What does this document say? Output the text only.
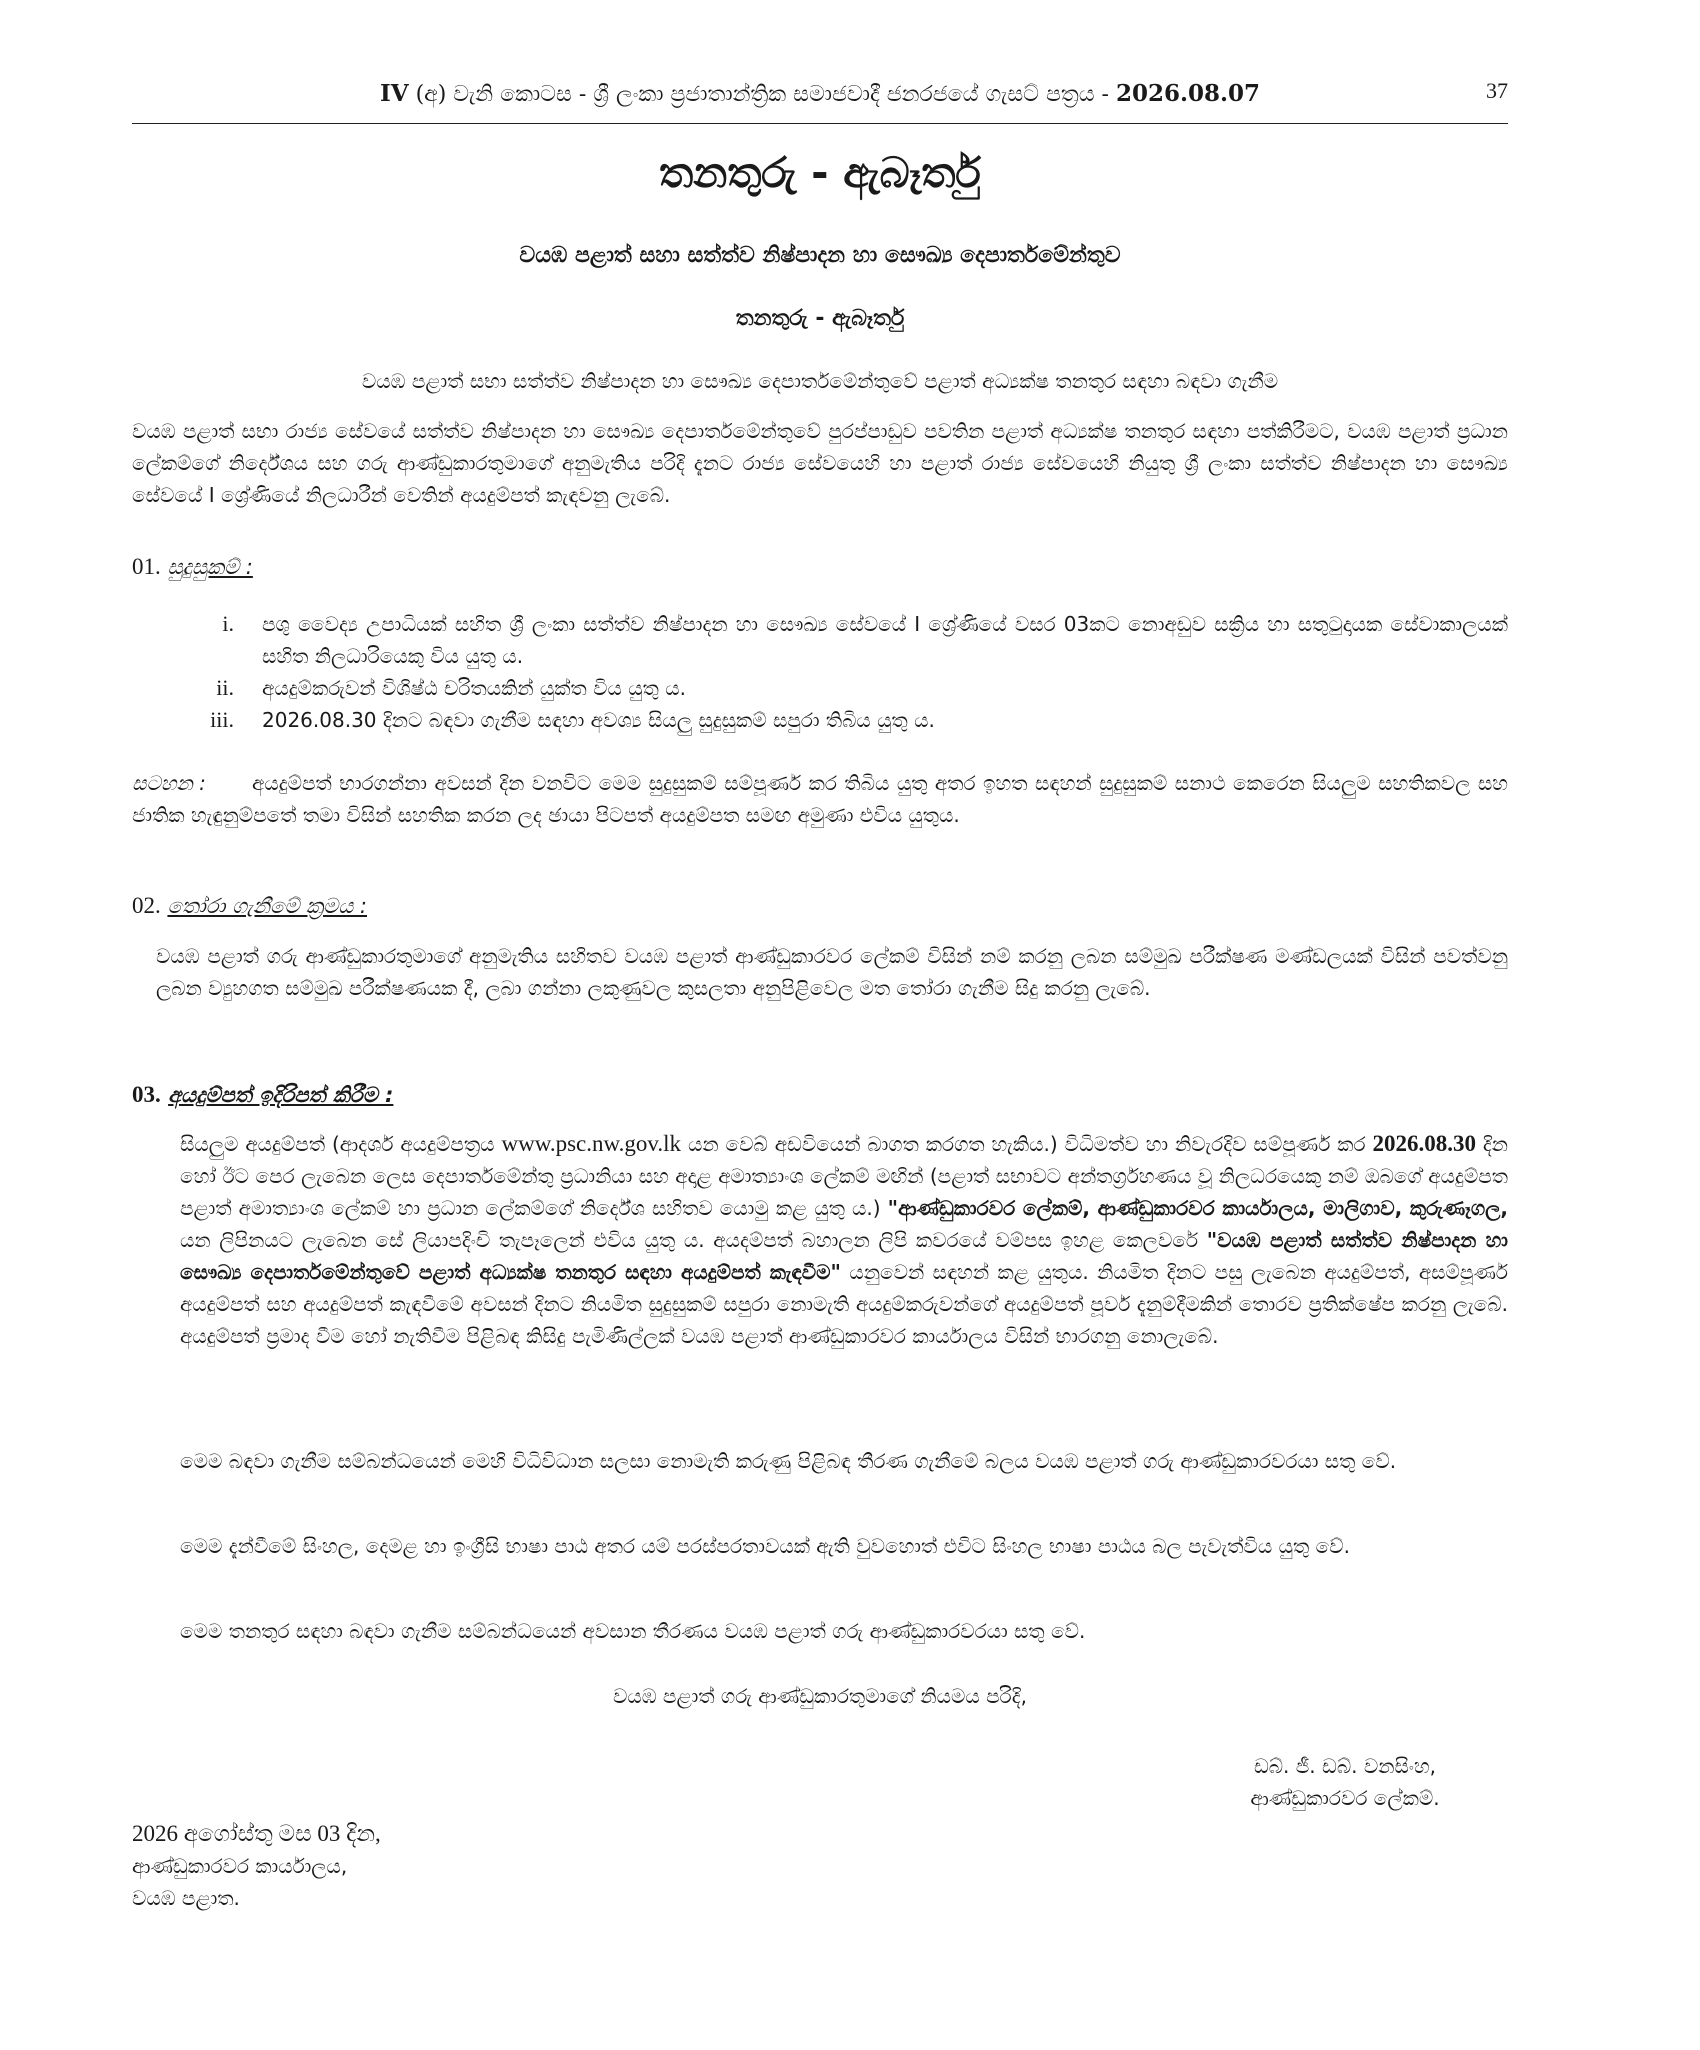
IV (අ) වැනි කොටස - ශ්‍රී ලංකා ප්‍රජාතාන්ත්‍රික සමාජවාදී ජනරජයේ ගැසට් පත්‍රය - 2026.08.07	37
තනතුරු - ඇබෑර්තු
වයඹ පළාත් සහා සත්ත්ව නිෂ්පාදන හා සෞඛ්‍ය දෙපාර්තමේන්තුව
තනතුරු - ඇබෑර්තු
වයඹ පළාත් සභා සත්ත්ව නිෂ්පාදන හා සෞඛ්‍ය දෙපාර්තමේන්තුවේ පළාත් අධ්‍යක්ෂ තනතුර සඳහා බඳවා ගැනීම
වයඹ පළාත් සභා රාජ්‍ය සේවයේ සත්ත්ව නිෂ්පාදන හා සෞඛ්‍ය දෙපාර්තමේන්තුවේ පුරප්පාඩුව පවතින පළාත් අධ්‍යක්ෂ තනතුර සඳහා පත්කිරීමට, වයඹ පළාත් ප්‍රධාන ලේකම්ගේ නිර්දේශය සහ ගරු ආණ්ඩුකාරතුමාගේ අනුමැතිය පරිදි දැනට රාජ්‍ය සේවයෙහි හා පළාත් රාජ්‍ය සේවයෙහි නියුතු ශ්‍රී ලංකා සත්ත්ව නිෂ්පාදන හා සෞඛ්‍ය සේවයේ I ශ්‍රේණියේ නිලධාරීන් වෙතින් අයදුම්පත් කැඳවනු ලැබේ.
01. සුදුසුකම් :
i. පශු වෛද්‍ය උපාධියක් සහිත ශ්‍රී ලංකා සත්ත්ව නිෂ්පාදන හා සෞඛ්‍ය සේවයේ I ශ්‍රේණියේ වසර 03කට නොඅඩුව සක්‍රිය හා සතුටුදායක සේවාකාලයක් සහිත නිලධාරියෙකු විය යුතු ය.
ii. අයදුම්කරුවන් විශිෂ්ඨ චරිතයකින් යුක්ත විය යුතු ය.
iii. 2026.08.30 දිනට බඳවා ගැනීම සඳහා අවශ්‍ය සියලු සුදුසුකම් සපුරා තිබිය යුතු ය.
සටහන :	අයදුම්පත් භාරගන්නා අවසන් දින වනවිට මෙම සුදුසුකම් සම්පූර්ණ කර තිබිය යුතු අතර ඉහත සඳහන් සුදුසුකම් සනාථ කෙරෙන සියලුම සහතිකවල සහ ජාතික හැඳුනුම්පතේ තමා විසින් සහතික කරන ලද ඡායා පිටපත් අයදුම්පත සමඟ අමුණා එවිය යුතුය.
02. තෝරා ගැනීමේ ක්‍රමය :
වයඹ පළාත් ගරු ආණ්ඩුකාරතුමාගේ අනුමැතිය සහිතව වයඹ පළාත් ආණ්ඩුකාරවර ලේකම් විසින් නම් කරනු ලබන සම්මුඛ පරීක්ෂණ මණ්ඩලයක් විසින් පවත්වනු ලබන ව්‍යුහගත සම්මුඛ පරීක්ෂණයක දී, ලබා ගන්නා ලකුණුවල කුසලතා අනුපිළිවෙල මත තෝරා ගැනීම සිදු කරනු ලැබේ.
03. අයදුම්පත් ඉදිරිපත් කිරීම :
සියලුම අයදුම්පත් (ආදර්ශ අයදුම්පත්‍රය www.psc.nw.gov.lk යන වෙබ් අඩවියෙන් බාගත කරගත හැකිය.) විධිමත්ව හා නිවැරදිව සම්පූර්ණ කර 2026.08.30 දින හෝ ඊට පෙර ලැබෙන ලෙස දෙපාර්තමේන්තු ප්‍රධානියා සහ අදාළ අමාත්‍යාංශ ලේකම් මඟින් (පළාත් සභාවට අන්තර්ග්‍රහණය වූ නිලධරයෙකු නම් ඔබගේ අයදුම්පත පළාත් අමාත්‍යාංශ ලේකම් හා ප්‍රධාන ලේකම්ගේ නිර්දේශ සහිතව යොමු කළ යුතු ය.) "ආණ්ඩුකාරවර ලේකම්, ආණ්ඩුකාරවර කාර්යාලය, මාලිගාව, කුරුණෑගල, යන ලිපිනයට ලැබෙන සේ ලියාපදිංචි තැපෑලෙන් එවිය යුතු ය. අයදම්පත් බහාලන ලිපි කවරයේ වම්පස ඉහළ කෙලවරේ "වයඹ පළාත් සත්ත්ව නිෂ්පාදන හා සෞඛ්‍ය දෙපාර්තමේන්තුවේ පළාත් අධ්‍යක්ෂ තනතුර සඳහා අයදුම්පත් කැඳවීම" යනුවෙන් සඳහන් කළ යුතුය. නියමිත දිනට පසු ලැබෙන අයදුම්පත්, අසම්පූර්ණ අයදුම්පත් සහ අයදුම්පත් කැඳවීමේ අවසන් දිනට නියමිත සුදුසුකම් සපුරා නොමැති අයදුම්කරුවන්ගේ අයදුම්පත් පූර්ව දැනුම්දීමකින් තොරව ප්‍රතික්ෂේප කරනු ලැබේ. අයදුම්පත් ප්‍රමාද වීම හෝ නැතිවීම පිළිබඳ කිසිදු පැමිණිල්ලක් වයඹ පළාත් ආණ්ඩුකාරවර කාර්යාලය විසින් භාරගනු නොලැබේ.
මෙම බඳවා ගැනීම සම්බන්ධයෙන් මෙහි විධිවිධාන සලසා නොමැති කරුණු පිළිබඳ තීරණ ගැනීමේ බලය වයඹ පළාත් ගරු ආණ්ඩුකාරවරයා සතු වේ.
මෙම දැන්වීමේ සිංහල, දෙමළ හා ඉංග්‍රීසි භාෂා පාඨ අතර යම් පරස්පරතාවයක් ඇති වුවහොත් එවිට සිංහල භාෂා පාඨය බල පැවැත්විය යුතු වේ.
මෙම තනතුර සඳහා බඳවා ගැනීම සම්බන්ධයෙන් අවසාන තීරණය වයඹ පළාත් ගරු ආණ්ඩුකාරවරයා සතු වේ.
වයඹ පළාත් ගරු ආණ්ඩුකාරතුමාගේ නියමය පරිදි,
ඩබ්. ජී. ඩබ්. වනසිංහ,
ආණ්ඩුකාරවර ලේකම්.
2026 අගෝස්තු මස 03 දින,
ආණ්ඩුකාරවර කාර්යාලය,
වයඹ පළාත.
